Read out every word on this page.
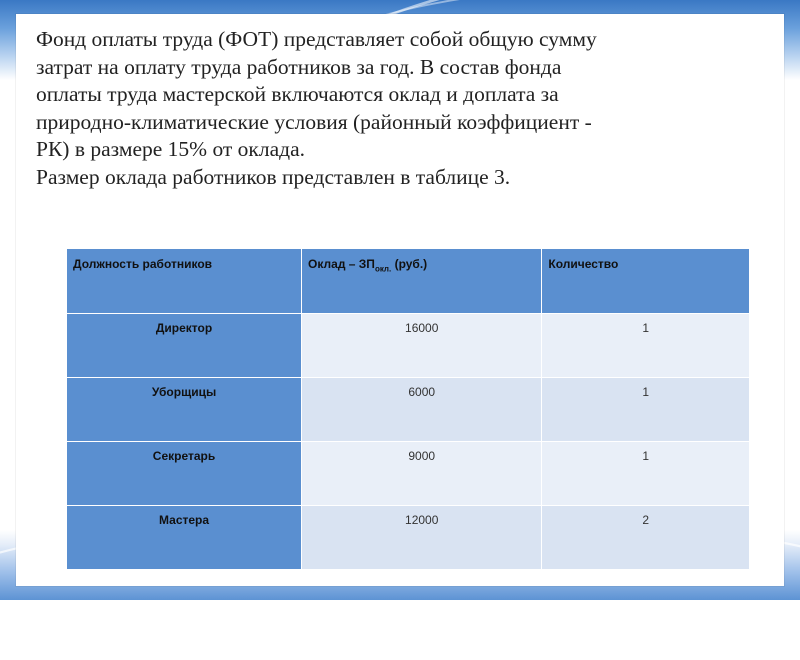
Фонд оплаты труда (ФОТ) представляет собой общую сумму
затрат на оплату труда работников за год. В состав фонда
оплаты труда мастерской включаются оклад и доплата за
природно-климатические условия (районный коэффициент -
РК) в размере 15% от оклада.
Размер оклада работников представлен в таблице 3.

Должность работников	Оклад – $ЗП_{окл.}$ (руб.)	Количество
Директор	16000	1
Уборщицы	6000	1
Секретарь	9000	1
Мастера	12000	2
